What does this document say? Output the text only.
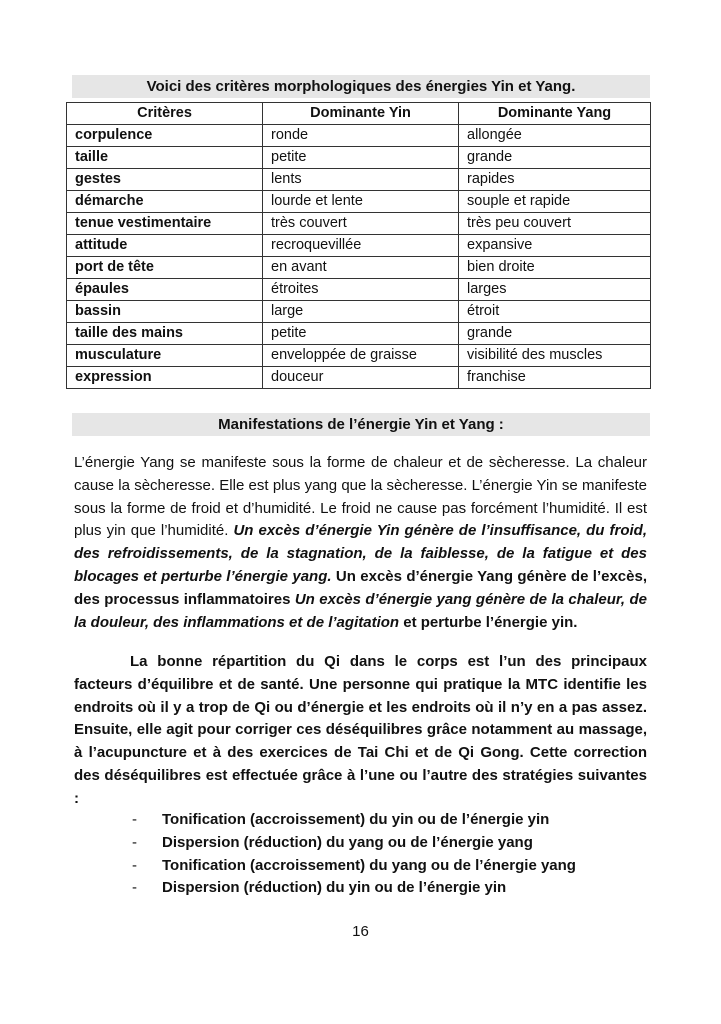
Voici des critères morphologiques des énergies Yin et Yang.
Critères	Dominante Yin	Dominante Yang
corpulence	ronde	allongée
taille	petite	grande
gestes	lents	rapides
démarche	lourde et lente	souple et rapide
tenue vestimentaire	très couvert	très peu couvert
attitude	recroquevillée	expansive
port de tête	en avant	bien droite
épaules	étroites	larges
bassin	large	étroit
taille des mains	petite	grande
musculature	enveloppée de graisse	visibilité des muscles
expression	douceur	franchise
Manifestations de l’énergie Yin et Yang :

L’énergie Yang se manifeste sous la forme de chaleur et de sècheresse. La chaleur cause la sècheresse. Elle est plus yang que la sècheresse. L’énergie Yin se manifeste sous la forme de froid et d’humidité. Le froid ne cause pas forcément l’humidité. Il est plus yin que l’humidité. Un excès d’énergie Yin génère de l’insuffisance, du froid, des refroidissements, de la stagnation, de la faiblesse, de la fatigue et des blocages et perturbe l’énergie yang. Un excès d’énergie Yang génère de l’excès, des processus inflammatoires Un excès d’énergie yang génère de la chaleur, de la douleur, des inflammations et de l’agitation et perturbe l’énergie yin.

La bonne répartition du Qi dans le corps est l’un des principaux facteurs d’équilibre et de santé. Une personne qui pratique la MTC identifie les endroits où il y a trop de Qi ou d’énergie et les endroits où il n’y en a pas assez. Ensuite, elle agit pour corriger ces déséquilibres grâce notamment au massage, à l’acupuncture et à des exercices de Tai Chi et de Qi Gong. Cette correction des déséquilibres est effectuée grâce à l’une ou l’autre des stratégies suivantes :

- Tonification (accroissement) du yin ou de l’énergie yin
- Dispersion (réduction) du yang ou de l’énergie yang
- Tonification (accroissement) du yang ou de l’énergie yang
- Dispersion (réduction) du yin ou de l’énergie yin
16
